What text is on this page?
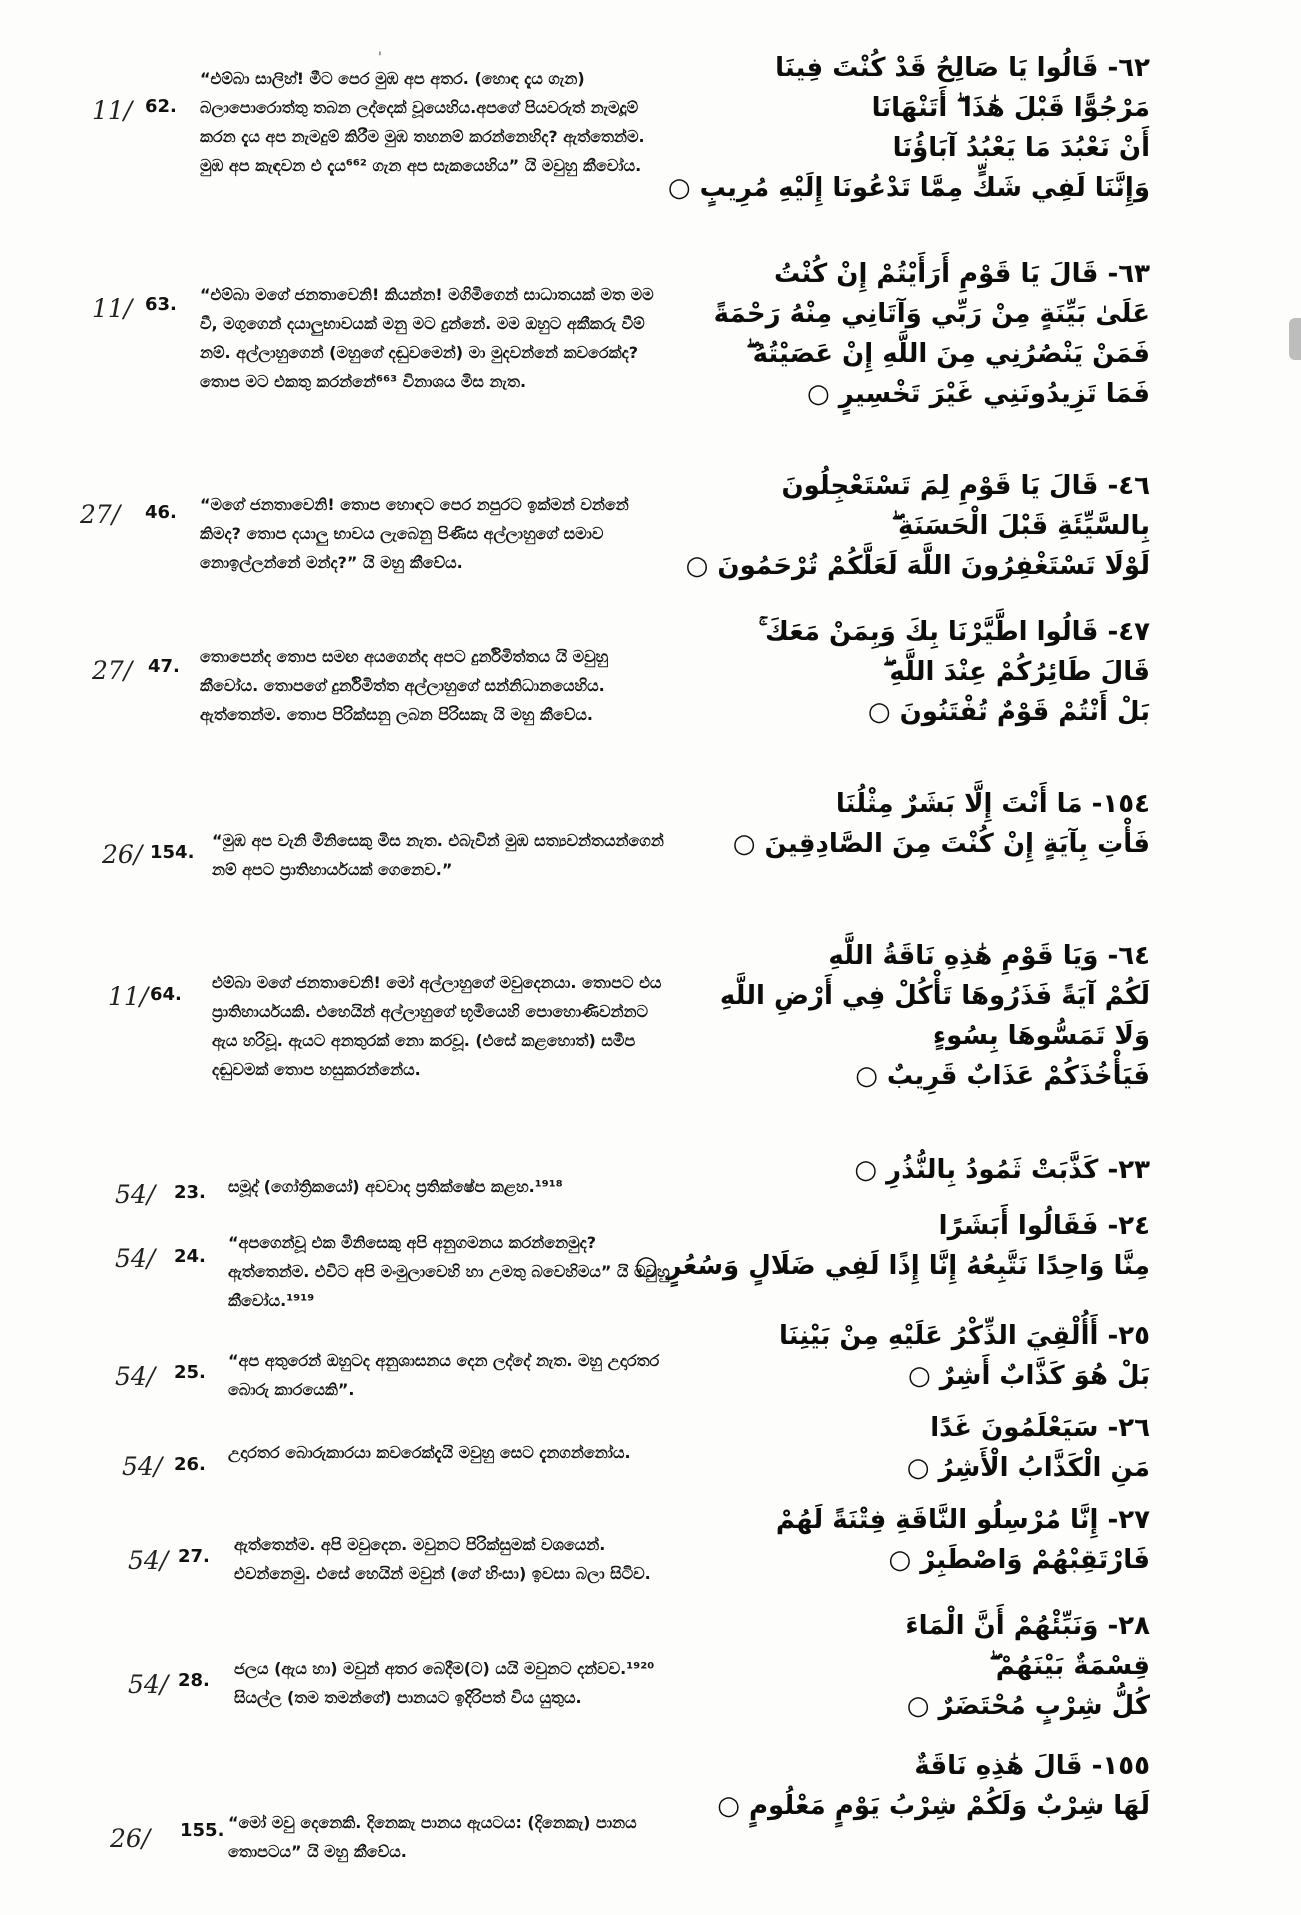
'
11/ 62.
“එම්බා සාලිහ්! මීට පෙර මුඹ අප අතර. (හොඳ දැය ගැන) බලාපොරොත්තු තබන ලද්දෙක් වූයෙහිය.අපගේ පියවරුත් නැමදූම් කරන දැය අප නැමදුම් කිරීම මුඹ තහනම් කරන්නෙහිද? ඇත්තෙන්ම. මුඹ අප කැඳවන එ දැය⁶⁶² ගැන අප සැකයෙහිය” යි මවුහු කීවෝය.
٦٢- قَالُوا يَا صَالِحُ قَدْ كُنْتَ فِينَا
مَرْجُوًّا قَبْلَ هَٰذَا ۖ أَتَنْهَانَا
أَنْ نَعْبُدَ مَا يَعْبُدُ آبَاؤُنَا
وَإِنَّنَا لَفِي شَكٍّ مِمَّا تَدْعُونَا إِلَيْهِ مُرِيبٍ ○
11/ 63. “එම්බා මගේ ජනතාවෙනි! කියන්න! මගිමිගෙන් සාධාතයක් මත මම වී, මගුගෙන් දයාලුභාවයක් මනු මට දුන්නේ. මම ඔහුට අකීකරු වීම් නම්. අල්ලාහුගෙන් (මහුගේ දඬුවමෙන්) මා මුදවන්නේ කවරෙක්ද? තොප මට එකතු කරන්නේ⁶⁶³ විනාශය මිස නැත.
٦٣- قَالَ يَا قَوْمِ أَرَأَيْتُمْ إِنْ كُنْتُ
عَلَىٰ بَيِّنَةٍ مِنْ رَبِّي وَآتَانِي مِنْهُ رَحْمَةً
فَمَنْ يَنْصُرُنِي مِنَ اللَّهِ إِنْ عَصَيْتُهُ ۖ
فَمَا تَزِيدُونَنِي غَيْرَ تَخْسِيرٍ ○
27/ 46. “මගේ ජනතාවෙනි! තොප හොඳට පෙර නපුරට ඉක්මන් වන්නේ කිමද? තොප දයාලු භාවය ලැබෙනු පිණිස අල්ලාහුගේ සමාව නොඉල්ලන්නේ මන්ද?” යි මහු කීවේය.
٤٦- قَالَ يَا قَوْمِ لِمَ تَسْتَعْجِلُونَ
بِالسَّيِّئَةِ قَبْلَ الْحَسَنَةِ ۖ
لَوْلَا تَسْتَغْفِرُونَ اللَّهَ لَعَلَّكُمْ تُرْحَمُونَ ○
27/ 47. තොපෙන්ද තොප සමඟ අයගෙන්ද අපට දුර්නිමිත්තය යි මවුහු කීවෝය. තොපගේ දුර්නිමිත්ත අල්ලාහුගේ සන්නිධානයෙහිය. ඇත්තෙන්ම. තොප පිරික්සනු ලබන පිරිසකැ යි මහු කීවේය.
٤٧- قَالُوا اطَّيَّرْنَا بِكَ وَبِمَنْ مَعَكَ ۚ
قَالَ طَائِرُكُمْ عِنْدَ اللَّهِ ۖ
بَلْ أَنْتُمْ قَوْمٌ تُفْتَنُونَ ○
26/ 154.
“මුඹ අප වැනි මිනිසෙකු මිස නැත. එබැවින් මුඹ සත්‍යවන්තයන්ගෙන් නම් අපට ප්‍රාතිහාර්යයක් ගෙනෙව.”
١٥٤- مَا أَنْتَ إِلَّا بَشَرٌ مِثْلُنَا
فَأْتِ بِآيَةٍ إِنْ كُنْتَ مِنَ الصَّادِقِينَ ○
11/ 64.
එම්බා මගේ ජනතාවෙනි! මෝ අල්ලාහුගේ මවුදෙනයා. තොපට එය ප්‍රාතිහාර්යයකි. එහෙයින් අල්ලාහුගේ භූමියෙහි පොහොණිවන්නට ඇය හරිවූ. ඇයට අනතුරක් නො කරවූ. (එසේ කළහොත්) සමීප දඬුවමක් තොප හසුකරන්නේය.
٦٤- وَيَا قَوْمِ هَٰذِهِ نَاقَةُ اللَّهِ
لَكُمْ آيَةً فَذَرُوهَا تَأْكُلْ فِي أَرْضِ اللَّهِ
وَلَا تَمَسُّوهَا بِسُوءٍ
فَيَأْخُذَكُمْ عَذَابٌ قَرِيبٌ ○
54/ 23. සමූද් (ගෝත්‍රිකයෝ) අවවාද ප්‍රතික්ෂේප කළහ.¹⁹¹⁸
٢٣- كَذَّبَتْ ثَمُودُ بِالنُّذُرِ ○
54/ 24.
“අපගෙන්වූ එක මිනිසෙකු අපි අනුගමනය කරන්නෙමුද? ඇත්තෙන්ම. එවිට අපි මංමුලාවෙහි හා උමතු බවෙහිමය” යි මවුහු කීවෝය.¹⁹¹⁹
٢٤- فَقَالُوا أَبَشَرًا
مِنَّا وَاحِدًا نَتَّبِعُهُ إِنَّا إِذًا لَفِي ضَلَالٍ وَسُعُرٍ ○
54/ 25.
“අප අතුරෙන් ඔහුටද අනුශාසනය දෙන ලද්දේ නැත. මහු උදාරතර බොරු කාරයෙකි”.
٢٥- أَأُلْقِيَ الذِّكْرُ عَلَيْهِ مِنْ بَيْنِنَا
بَلْ هُوَ كَذَّابٌ أَشِرٌ ○
54/ 26.
උදාරතර බොරුකාරයා කවරෙක්දැයි මවුහු සෙට දැනගන්නෝය.
٢٦- سَيَعْلَمُونَ غَدًا
مَنِ الْكَذَّابُ الْأَشِرُ ○
54/ 27.
ඇත්තෙන්ම. අපි මවුදෙන. මවුනට පිරික්සුමක් වශයෙන්. එවන්නෙමු. එසේ හෙයින් මවුන් (ගේ හිංසා) ඉවසා බලා සිටිව.
٢٧- إِنَّا مُرْسِلُو النَّاقَةِ فِتْنَةً لَهُمْ
فَارْتَقِبْهُمْ وَاصْطَبِرْ ○
54/ 28.
ජලය (ඇය හා) මවුන් අතර බෙදීම(ට) යයි මවුනට දන්වව.¹⁹²⁰ සියල්ල (තම තමන්ගේ) පානයට ඉදිරිපත් විය යුතුය.
٢٨- وَنَبِّئْهُمْ أَنَّ الْمَاءَ
قِسْمَةٌ بَيْنَهُمْ ۖ
كُلُّ شِرْبٍ مُحْتَضَرٌ ○
26/ 155. “මෝ මවු දෙනෙකි. දිනෙකැ පානය ඇයටය: (දිනෙකැ) පානය තොපටය” යි මහු කීවේය.
١٥٥- قَالَ هَٰذِهِ نَاقَةٌ
لَهَا شِرْبٌ وَلَكُمْ شِرْبُ يَوْمٍ مَعْلُومٍ ○
